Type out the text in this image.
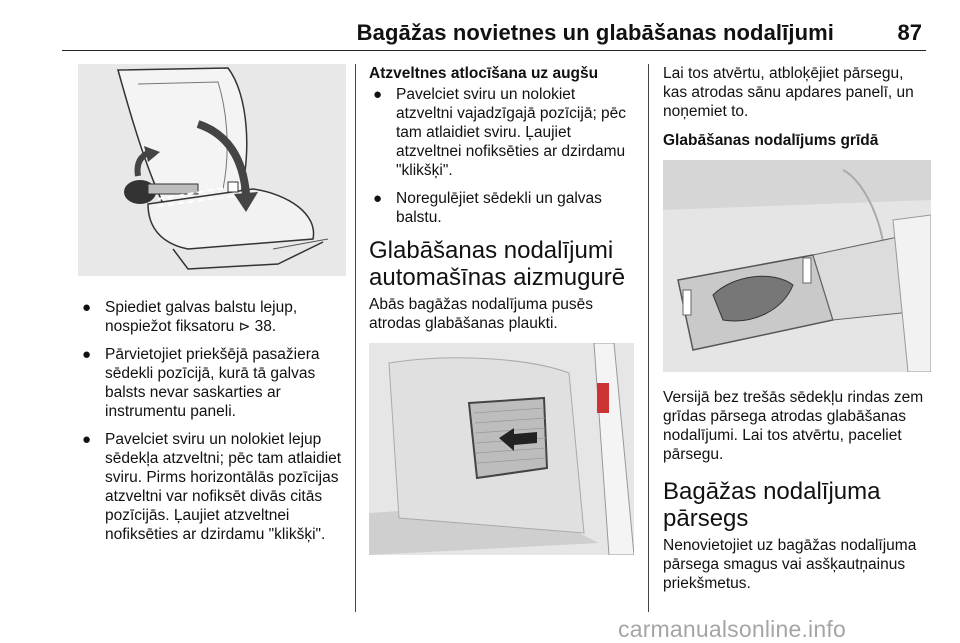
Bagāžas novietnes un glabāšanas nodalījumi	87
● Spiediet galvas balstu lejup, nospiežot fiksatoru ⊳ 38.
● Pārvietojiet priekšējā pasažiera sēdekli pozīcijā, kurā tā galvas balsts nevar saskarties ar instrumentu paneli.
● Pavelciet sviru un nolokiet lejup sēdekļa atzveltni; pēc tam atlaidiet sviru. Pirms horizontālās pozīcijas atzveltni var nofiksēt divās citās pozīcijās. Ļaujiet atzveltnei nofiksēties ar dzirdamu "klikšķi".
Atzveltnes atlocīšana uz augšu
● Pavelciet sviru un nolokiet atzveltni vajadzīgajā pozīcijā; pēc tam atlaidiet sviru. Ļaujiet atzveltnei nofiksēties ar dzirdamu "klikšķi".
● Noregulējiet sēdekli un galvas balstu.
Glabāšanas nodalījumi automašīnas aizmugurē

Abās bagāžas nodalījuma pusēs atrodas glabāšanas plaukti.

Lai tos atvērtu, atbloķējiet pārsegu, kas atrodas sānu apdares panelī, un noņemiet to.

Glabāšanas nodalījums grīdā

Versijā bez trešās sēdekļu rindas zem grīdas pārsega atrodas glabāšanas nodalījumi. Lai tos atvērtu, paceliet pārsegu.

Bagāžas nodalījuma pārsegs

Nenovietojiet uz bagāžas nodalījuma pārsega smagus vai asšķautņainus priekšmetus.

carmanualsonline.info
